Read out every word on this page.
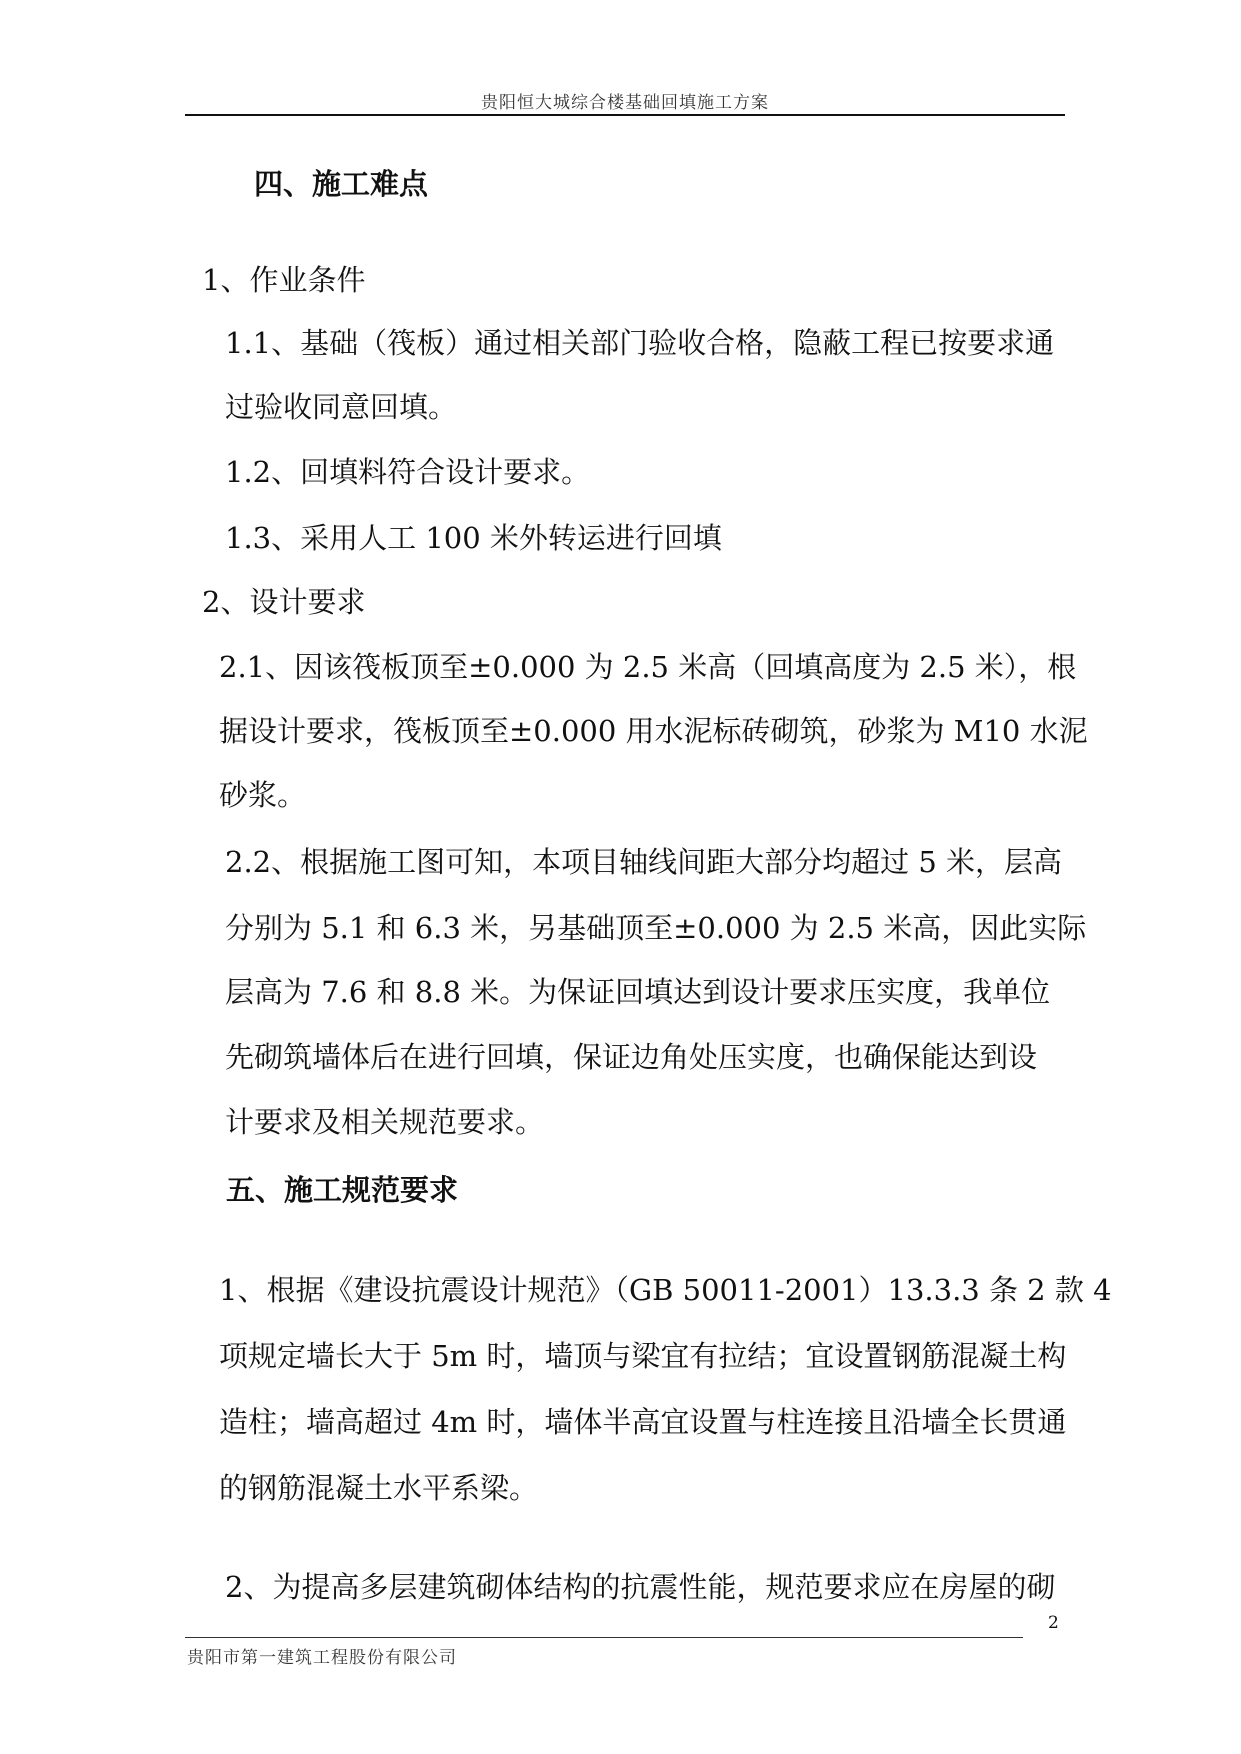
贵阳恒大城综合楼基础回填施工方案
四、施工难点
1、作业条件
1.1、基础（筏板）通过相关部门验收合格，隐蔽工程已按要求通
过验收同意回填。
1.2、回填料符合设计要求。
1.3、采用人工 100 米外转运进行回填
2、设计要求
2.1、因该筏板顶至±0.000 为 2.5 米高（回填高度为 2.5 米），根
据设计要求，筏板顶至±0.000 用水泥标砖砌筑，砂浆为 M10 水泥
砂浆。
2.2、根据施工图可知，本项目轴线间距大部分均超过 5 米，层高
分别为 5.1 和 6.3 米，另基础顶至±0.000 为 2.5 米高，因此实际
层高为 7.6 和 8.8 米。为保证回填达到设计要求压实度，我单位
先砌筑墙体后在进行回填，保证边角处压实度，也确保能达到设
计要求及相关规范要求。
五、施工规范要求
1、根据《建设抗震设计规范》（GB 50011-2001）13.3.3 条 2 款 4
项规定墙长大于 5m 时，墙顶与梁宜有拉结；宜设置钢筋混凝土构
造柱；墙高超过 4m 时，墙体半高宜设置与柱连接且沿墙全长贯通
的钢筋混凝土水平系梁。
2、为提高多层建筑砌体结构的抗震性能，规范要求应在房屋的砌
2
贵阳市第一建筑工程股份有限公司
